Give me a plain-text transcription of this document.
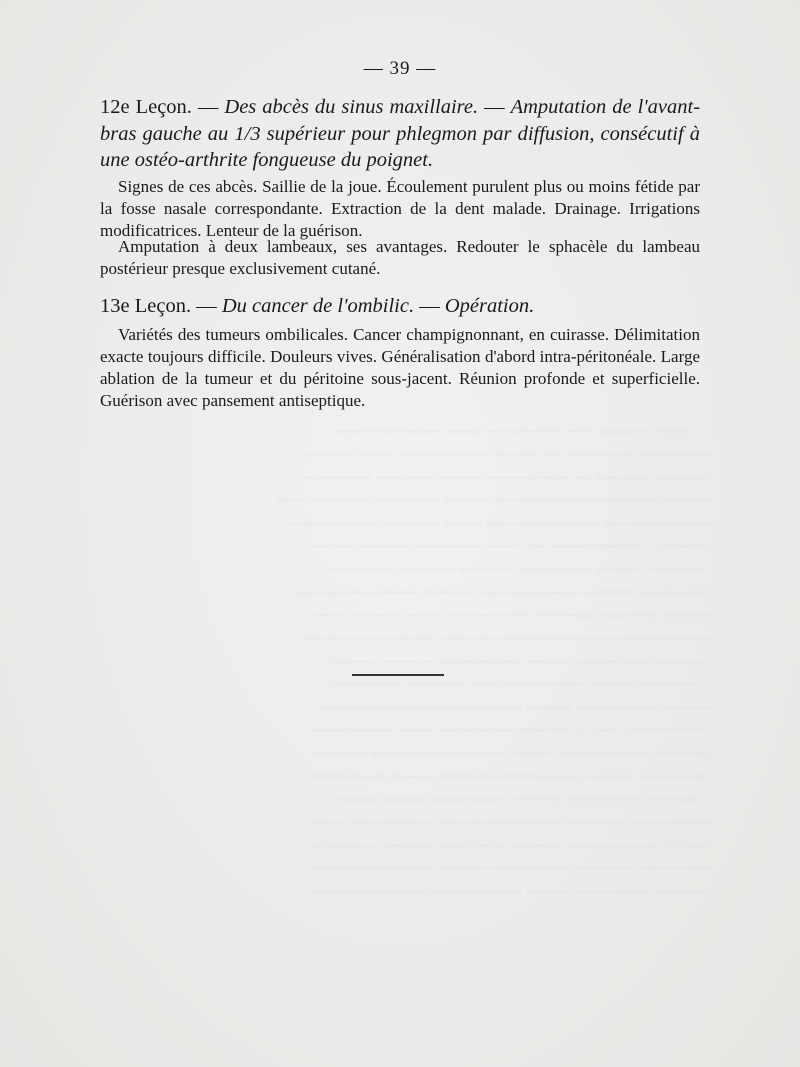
~~~~ ~~~~~~ ~~~ ~~~~~~~~ ~~~~ ~~~~~~~ ~~~~
~~~~~~~~ ~~~~~~~ ~~ ~~~~~ ~~~~~~~~~~ ~~~~ ~~~~~
~~~~~~ ~~~~~~ ~~ ~~~~~~~~~ ~~~~~ ~~~~~~ ~~~~~~~~
~~~~~ ~~~~~~~~ ~~~ ~~~~~~ ~~~~~ ~~~~~~~ ~~~~~~~ ~~~
~~~~~~~~~ ~~ ~~~~~ ~~~~~~~ ~~~~ ~~~~~~ ~~~~~~~~~~
~~~~~~~ ~~~~~~~~~~ ~~ ~~~~ ~~~~~~~ ~~~~~~ ~~~~~
~~~~~~ ~~~~~ ~~~~~~~~ ~~~~~~ ~~~~~~ ~~~~~~~
~~~~~~~~ ~~~~~ ~~~~~~~~~~~ ~~~~~~ ~~~~~ ~~~~~~~~
~~~~~ ~~~~~~~ ~~~~~~ ~~~~~~~~~ ~~~~ ~~~~~~ ~~~~
~~~~~~~~~~ ~~~~ ~~~~~~~~ ~~~~~~ ~~~~~~~ ~~~~~~~
~~~~~~ ~~~~~~~~ ~~~~~ ~~~~~~~~~ ~~~~~~ ~~~~~
~~~~~~~ ~~~~~ ~~~~~~~~~ ~~~ ~~~~~~ ~~~~~~~~
~~~~~ ~~~~~~~~~ ~~~~~ ~~~~~~~ ~~~~~~~~~ ~~~~~
~~~~~~~~~ ~~~~~ ~~~~~~ ~~~~~~~~ ~~~~ ~~~~~~~~~
~~~~~~ ~~~~~~~~~~ ~~~~~ ~~~~~~ ~~~~~~~~ ~~~~~~
~~~~~~~~ ~~~~~ ~~~~~~~~~ ~~~~~~ ~~~~~ ~~~~~~~~
~~~~~~ ~~~~~~~~ ~~~~~~ ~~~~~~~~ ~~~~~ ~~~~~
~~~~~~~~~ ~~~~~~ ~~~~~~~~ ~~~~~ ~~~~~~~~~ ~~~~
~~~~~ ~~~~~~~~~~ ~~~~~~ ~~~~~~~ ~~~~~~ ~~~~~~~
~~~~~~~~ ~~~~~~ ~~~~~~~~~ ~~~~~ ~~~~~~~~ ~~~~~
~~~~~~ ~~~~~~~~ ~~~~~ ~~~~~~~~~~ ~~~~~~ ~~~~~~
— 39 —
12e Leçon. — Des abcès du sinus maxillaire. — Amputation de l'avant-bras gauche au 1/3 supérieur pour phlegmon par diffusion, consécutif à une ostéo-arthrite fongueuse du poignet.

Signes de ces abcès. Saillie de la joue. Écoulement purulent plus ou moins fétide par la fosse nasale correspondante. Extraction de la dent malade. Drainage. Irrigations modificatrices. Lenteur de la guérison.

Amputation à deux lambeaux, ses avantages. Redouter le sphacèle du lambeau postérieur presque exclusivement cutané.

13e Leçon. — Du cancer de l'ombilic. — Opération.

Variétés des tumeurs ombilicales. Cancer champignonnant, en cuirasse. Délimitation exacte toujours difficile. Douleurs vives. Généralisation d'abord intra-péritonéale. Large ablation de la tumeur et du péritoine sous-jacent. Réunion profonde et superficielle. Guérison avec pansement antiseptique.
